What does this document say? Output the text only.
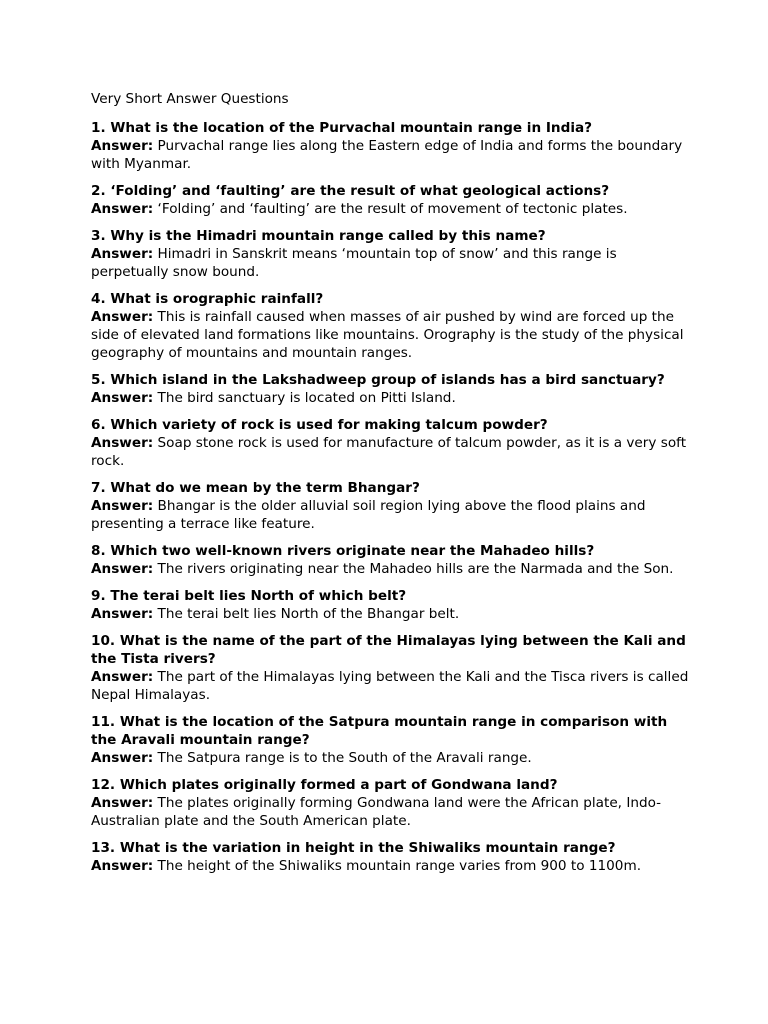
Very Short Answer Questions

1. What is the location of the Purvachal mountain range in India?

Answer: Purvachal range lies along the Eastern edge of India and forms the boundary with Myanmar.

2. ‘Folding’ and ‘faulting’ are the result of what geological actions?

Answer: ‘Folding’ and ‘faulting’ are the result of movement of tectonic plates.

3. Why is the Himadri mountain range called by this name?

Answer: Himadri in Sanskrit means ‘mountain top of snow’ and this range is perpetually snow bound.

4. What is orographic rainfall?

Answer: This is rainfall caused when masses of air pushed by wind are forced up the side of elevated land formations like mountains. Orography is the study of the physical geography of mountains and mountain ranges.

5. Which island in the Lakshadweep group of islands has a bird sanctuary?

Answer: The bird sanctuary is located on Pitti Island.

6. Which variety of rock is used for making talcum powder?

Answer: Soap stone rock is used for manufacture of talcum powder, as it is a very soft rock.

7. What do we mean by the term Bhangar?

Answer: Bhangar is the older alluvial soil region lying above the flood plains and presenting a terrace like feature.

8. Which two well-known rivers originate near the Mahadeo hills?

Answer: The rivers originating near the Mahadeo hills are the Narmada and the Son.

9. The terai belt lies North of which belt?

Answer: The terai belt lies North of the Bhangar belt.

10. What is the name of the part of the Himalayas lying between the Kali and the Tista rivers?

Answer: The part of the Himalayas lying between the Kali and the Tisca rivers is called Nepal Himalayas.

11. What is the location of the Satpura mountain range in comparison with the Aravali mountain range?

Answer: The Satpura range is to the South of the Aravali range.

12. Which plates originally formed a part of Gondwana land?

Answer: The plates originally forming Gondwana land were the African plate, Indo-Australian plate and the South American plate.

13. What is the variation in height in the Shiwaliks mountain range?

Answer: The height of the Shiwaliks mountain range varies from 900 to 1100m.
